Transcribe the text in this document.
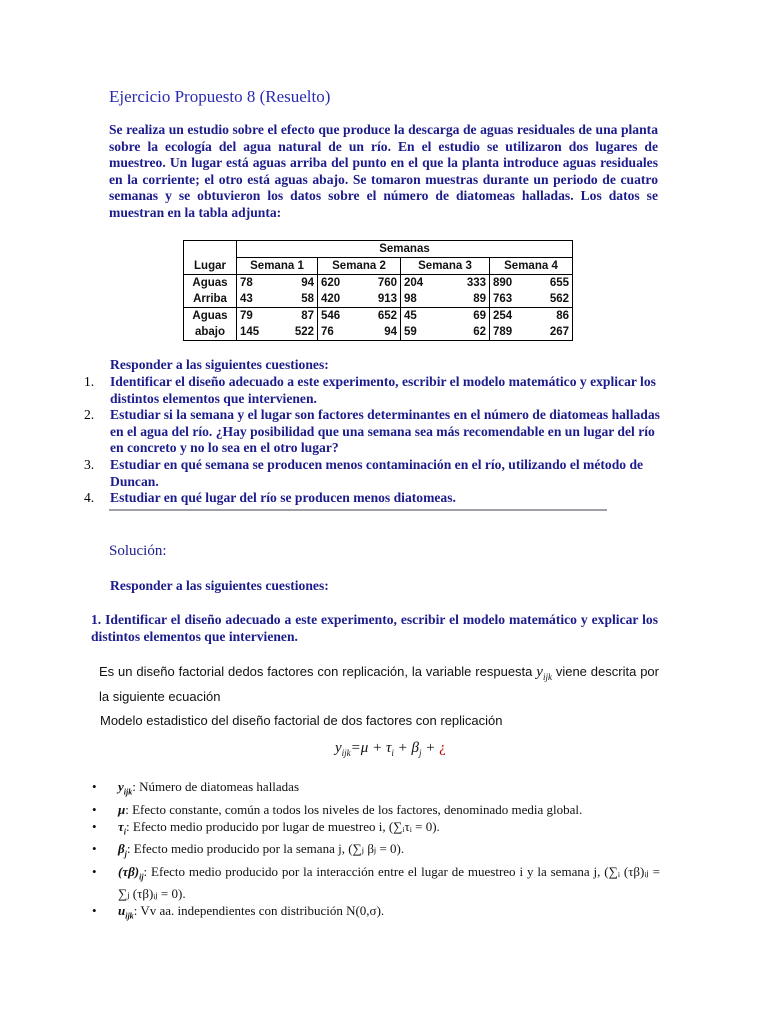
Ejercicio Propuesto 8 (Resuelto)
Se realiza un estudio sobre el efecto que produce la descarga de aguas residuales de una planta sobre la ecología del agua natural de un río. En el estudio se utilizaron dos lugares de muestreo. Un lugar está aguas arriba del punto en el que la planta introduce aguas residuales en la corriente; el otro está aguas abajo. Se tomaron muestras durante un periodo de cuatro semanas y se obtuvieron los datos sobre el número de diatomeas halladas. Los datos se muestran en la tabla adjunta:
	Semanas							
Lugar	Semana 1		Semana 2		Semana 3		Semana 4	
Aguas	78	94	620	760	204	333	890	655
Arriba	43	58	420	913	98	89	763	562
Aguas	79	87	546	652	45	69	254	86
abajo	145	522	76	94	59	62	789	267
Responder a las siguientes cuestiones:
1. Identificar el diseño adecuado a este experimento, escribir el modelo matemático y explicar los distintos elementos que intervienen.
2. Estudiar si la semana y el lugar son factores determinantes en el número de diatomeas halladas en el agua del río. ¿Hay posibilidad que una semana sea más recomendable en un lugar del río en concreto y no lo sea en el otro lugar?
3. Estudiar en qué semana se producen menos contaminación en el río, utilizando el método de Duncan.
4. Estudiar en qué lugar del río se producen menos diatomeas.
Solución:
Responder a las siguientes cuestiones:
1. Identificar el diseño adecuado a este experimento, escribir el modelo matemático y explicar los distintos elementos que intervienen.
Es un diseño factorial dedos factores con replicación, la variable respuesta $y_{ijk}$ viene descrita por la siguiente ecuación
Modelo estadistico del diseño factorial de dos factores con replicación
$y_{ijk}=\mu + \tau_i + \beta_j$ + ¿
• $y_{ijk}$: Número de diatomeas halladas
• μ: Efecto constante, común a todos los niveles de los factores, denominado media global.
• $\tau_i$: Efecto medio producido por lugar de muestreo i, (∑ᵢτᵢ = 0).
• $\beta_j$: Efecto medio producido por la semana j, (∑ⱼ βⱼ = 0).
• $(\tau\beta)_{ij}$: Efecto medio producido por la interacción entre el lugar de muestreo i y la semana j, (∑ᵢ (τβ)ᵢⱼ = ∑ⱼ (τβ)ᵢⱼ = 0).
• $u_{ijk}$: Vv aa. independientes con distribución N(0,σ).
